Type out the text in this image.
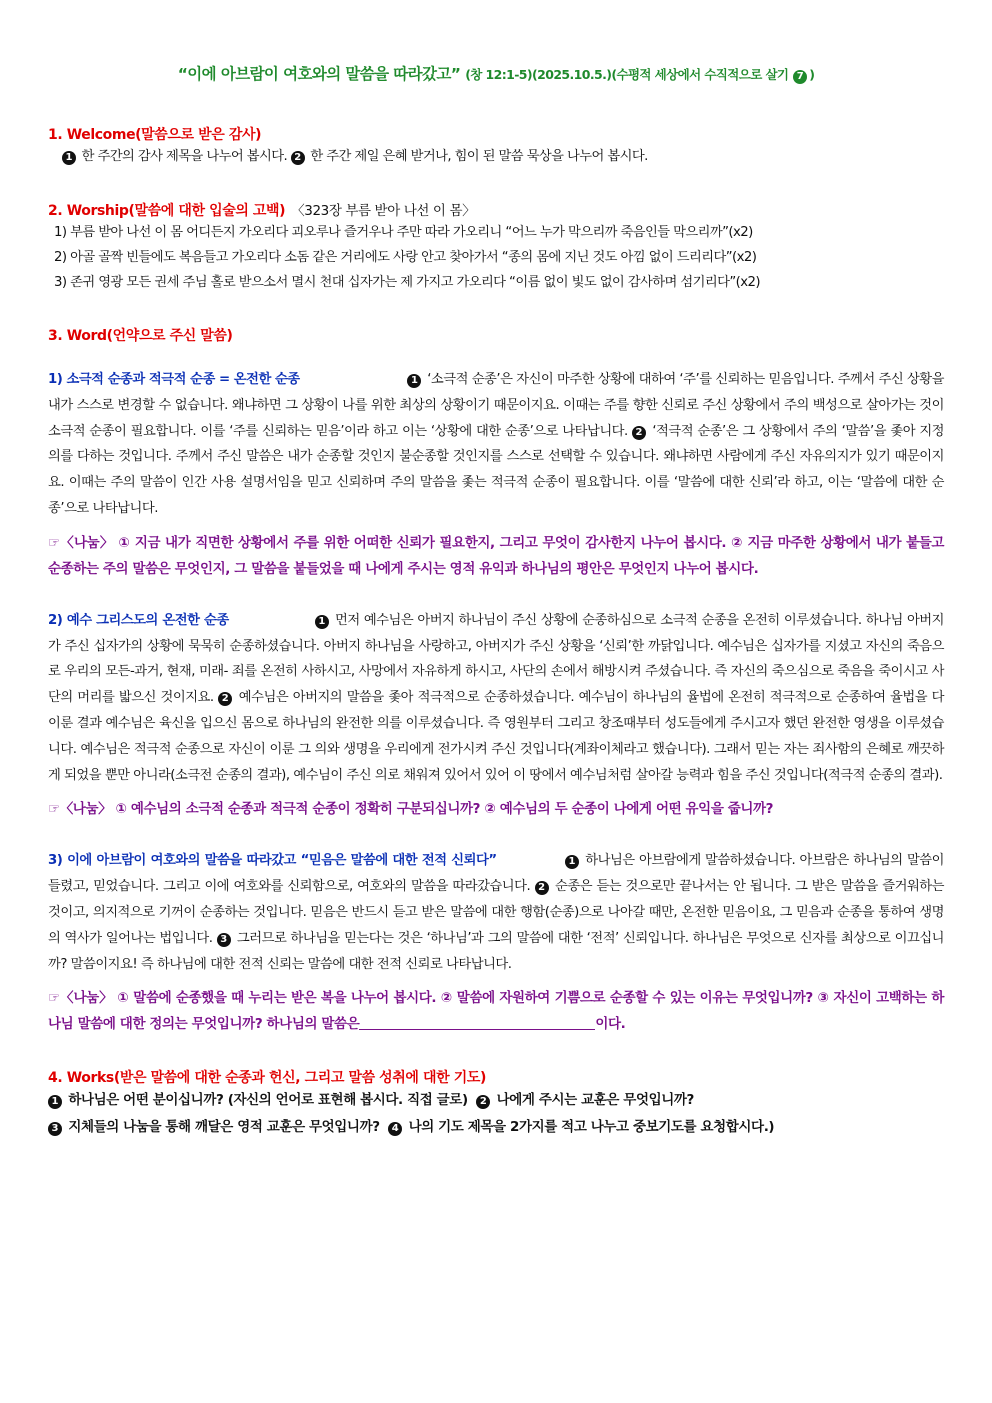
“이에 아브람이 여호와의 말씀을 따라갔고” (창 12:1-5)(2025.10.5.)(수평적 세상에서 수직적으로 살기 7 )
1. Welcome(말씀으로 받은 감사)
1 한 주간의 감사 제목을 나누어 봅시다. 2 한 주간 제일 은혜 받거나, 힘이 된 말씀 묵상을 나누어 봅시다.
2. Worship(말씀에 대한 입술의 고백) 〈323장 부름 받아 나선 이 몸〉
1) 부름 받아 나선 이 몸 어디든지 가오리다 괴오루나 즐거우나 주만 따라 가오리니 “어느 누가 막으리까 죽음인들 막으리까”(x2)
2) 아골 골짝 빈들에도 복음들고 가오리다 소돔 같은 거리에도 사랑 안고 찾아가서 “종의 몸에 지닌 것도 아낌 없이 드리리다”(x2)
3) 존귀 영광 모든 권세 주님 홀로 받으소서 멸시 천대 십자가는 제 가지고 가오리다 “이름 없이 빛도 없이 감사하며 섬기리다”(x2)
3. Word(언약으로 주신 말씀)
1) 소극적 순종과 적극적 순종 = 온전한 순종	1 ‘소극적 순종’은 자신이 마주한 상황에 대하여 ‘주’를 신뢰하는 믿음입니다. 주께서 주신 상황을 내가 스스로 변경할 수 없습니다. 왜냐하면 그 상황이 나를 위한 최상의 상황이기 때문이지요. 이때는 주를 향한 신뢰로 주신 상황에서 주의 백성으로 살아가는 것이 소극적 순종이 필요합니다. 이를 ‘주를 신뢰하는 믿음’이라 하고 이는 ‘상황에 대한 순종’으로 나타납니다. 2 ‘적극적 순종’은 그 상황에서 주의 ‘말씀’을 좇아 지정의를 다하는 것입니다. 주께서 주신 말씀은 내가 순종할 것인지 불순종할 것인지를 스스로 선택할 수 있습니다. 왜냐하면 사람에게 주신 자유의지가 있기 때문이지요. 이때는 주의 말씀이 인간 사용 설명서임을 믿고 신뢰하며 주의 말씀을 좇는 적극적 순종이 필요합니다. 이를 ‘말씀에 대한 신뢰’라 하고, 이는 ‘말씀에 대한 순종’으로 나타납니다.
☞〈나눔〉 ① 지금 내가 직면한 상황에서 주를 위한 어떠한 신뢰가 필요한지, 그리고 무엇이 감사한지 나누어 봅시다. ② 지금 마주한 상황에서 내가 붙들고 순종하는 주의 말씀은 무엇인지, 그 말씀을 붙들었을 때 나에게 주시는 영적 유익과 하나님의 평안은 무엇인지 나누어 봅시다.
2) 예수 그리스도의 온전한 순종	1 먼저 예수님은 아버지 하나님이 주신 상황에 순종하심으로 소극적 순종을 온전히 이루셨습니다. 하나님 아버지가 주신 십자가의 상황에 묵묵히 순종하셨습니다. 아버지 하나님을 사랑하고, 아버지가 주신 상황을 ‘신뢰’한 까닭입니다. 예수님은 십자가를 지셨고 자신의 죽음으로 우리의 모든-과거, 현재, 미래- 죄를 온전히 사하시고, 사망에서 자유하게 하시고, 사단의 손에서 해방시켜 주셨습니다. 즉 자신의 죽으심으로 죽음을 죽이시고 사단의 머리를 밟으신 것이지요. 2 예수님은 아버지의 말씀을 좇아 적극적으로 순종하셨습니다. 예수님이 하나님의 율법에 온전히 적극적으로 순종하여 율법을 다 이룬 결과 예수님은 육신을 입으신 몸으로 하나님의 완전한 의를 이루셨습니다. 즉 영원부터 그리고 창조때부터 성도들에게 주시고자 했던 완전한 영생을 이루셨습니다. 예수님은 적극적 순종으로 자신이 이룬 그 의와 생명을 우리에게 전가시켜 주신 것입니다(계좌이체라고 했습니다). 그래서 믿는 자는 죄사함의 은혜로 깨끗하게 되었을 뿐만 아니라(소극전 순종의 결과), 예수님이 주신 의로 채워져 있어서 있어 이 땅에서 예수님처럼 살아갈 능력과 힘을 주신 것입니다(적극적 순종의 결과).
☞〈나눔〉 ① 예수님의 소극적 순종과 적극적 순종이 정확히 구분되십니까? ② 예수님의 두 순종이 나에게 어떤 유익을 줍니까?
3) 이에 아브람이 여호와의 말씀을 따라갔고 “믿음은 말씀에 대한 전적 신뢰다”	1 하나님은 아브람에게 말씀하셨습니다. 아브람은 하나님의 말씀이 들렸고, 믿었습니다. 그리고 이에 여호와를 신뢰함으로, 여호와의 말씀을 따라갔습니다. 2 순종은 듣는 것으로만 끝나서는 안 됩니다. 그 받은 말씀을 즐거워하는 것이고, 의지적으로 기꺼이 순종하는 것입니다. 믿음은 반드시 듣고 받은 말씀에 대한 행함(순종)으로 나아갈 때만, 온전한 믿음이요, 그 믿음과 순종을 통하여 생명의 역사가 일어나는 법입니다. 3 그러므로 하나님을 믿는다는 것은 ‘하나님’과 그의 말씀에 대한 ‘전적’ 신뢰입니다. 하나님은 무엇으로 신자를 최상으로 이끄십니까? 말씀이지요! 즉 하나님에 대한 전적 신뢰는 말씀에 대한 전적 신뢰로 나타납니다.
☞〈나눔〉 ① 말씀에 순종했을 때 누리는 받은 복을 나누어 봅시다. ② 말씀에 자원하여 기쁨으로 순종할 수 있는 이유는 무엇입니까? ③ 자신이 고백하는 하나님 말씀에 대한 정의는 무엇입니까? 하나님의 말씀은	이다.
4. Works(받은 말씀에 대한 순종과 헌신, 그리고 말씀 성취에 대한 기도)
1 하나님은 어떤 분이십니까? (자신의 언어로 표현해 봅시다. 직접 글로) 2 나에게 주시는 교훈은 무엇입니까?
3 지체들의 나눔을 통해 깨달은 영적 교훈은 무엇입니까? 4 나의 기도 제목을 2가지를 적고 나누고 중보기도를 요청합시다.)
